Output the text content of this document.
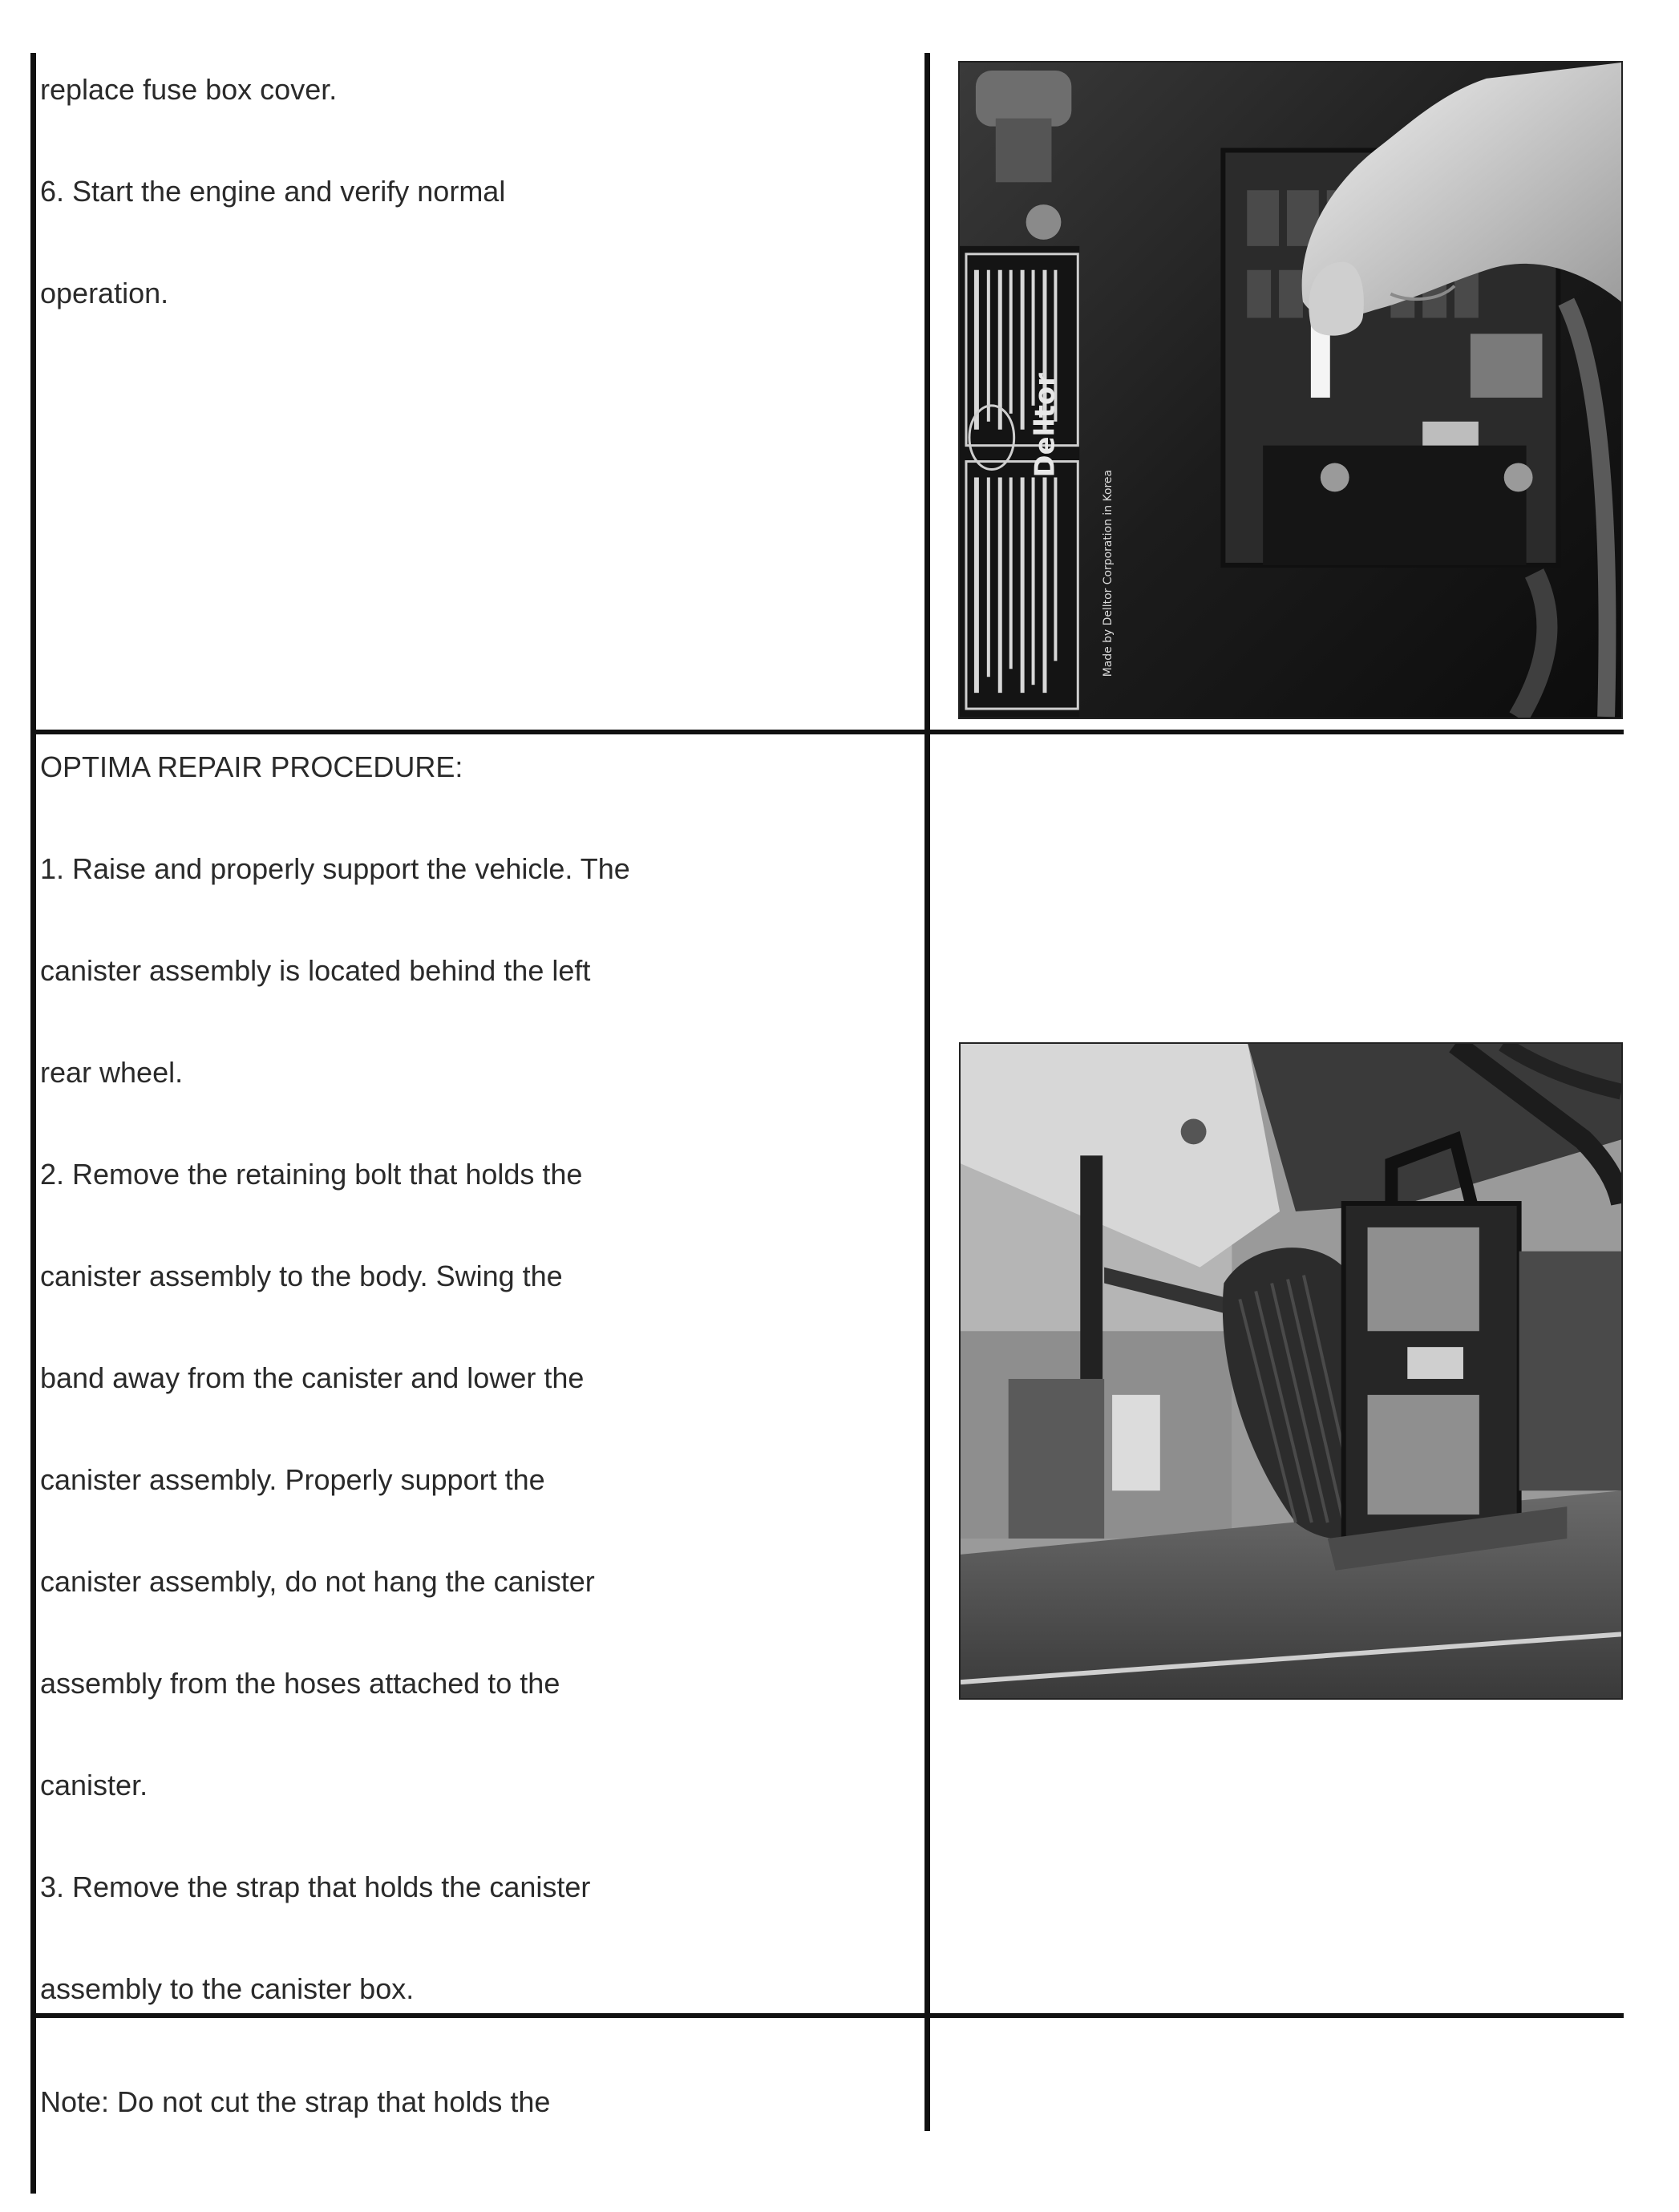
replace fuse box cover.

6. Start the engine and verify normal

operation.

Delltor
Made by Delltor Corporation in Korea

OPTIMA REPAIR PROCEDURE:

1. Raise and properly support the vehicle. The

canister assembly is located behind the left

rear wheel.

2. Remove the retaining bolt that holds the

canister assembly to the body. Swing the

band away from the canister and lower the

canister assembly. Properly support the

canister assembly, do not hang the canister

assembly from the hoses attached to the

canister.

3. Remove the strap that holds the canister

assembly to the canister box.

Note: Do not cut the strap that holds the
